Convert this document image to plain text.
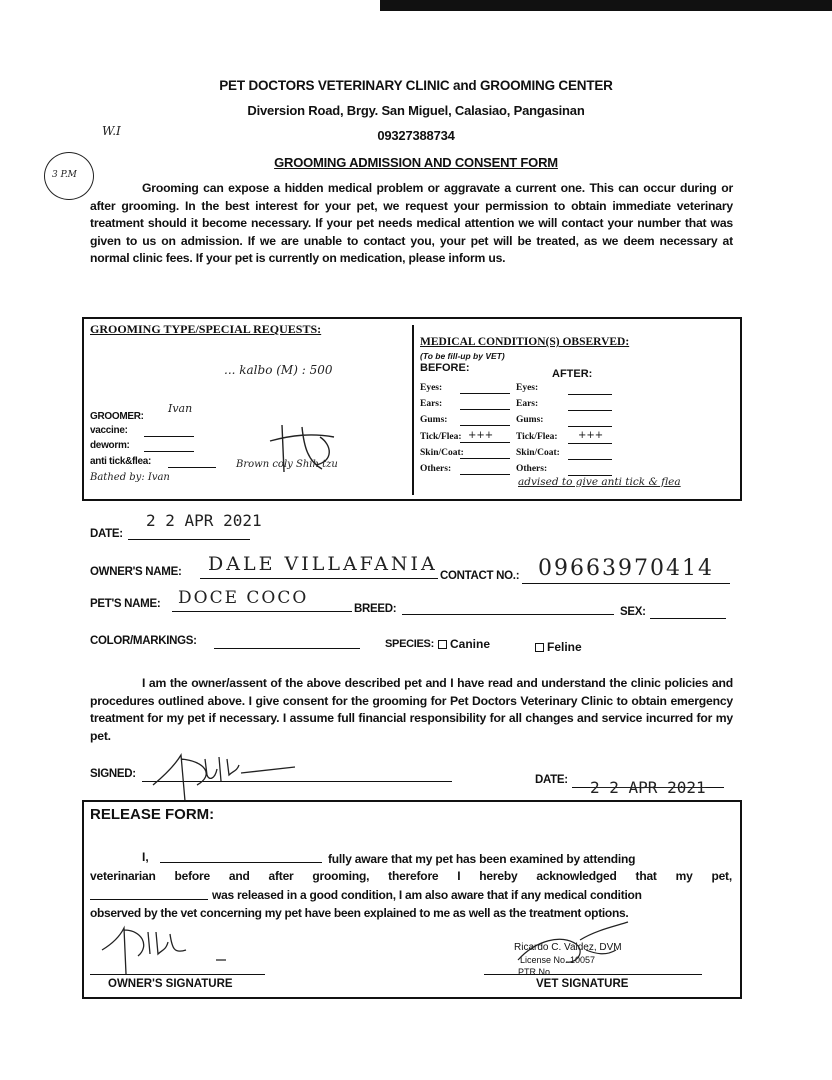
PET DOCTORS VETERINARY CLINIC and GROOMING CENTER
Diversion Road, Brgy. San Miguel, Calasiao, Pangasinan
09327388734
GROOMING ADMISSION AND CONSENT FORM
W.I
3 P.M
Grooming can expose a hidden medical problem or aggravate a current one. This can occur during or after grooming. In the best interest for your pet, we request your permission to obtain immediate veterinary treatment should it become necessary. If your pet needs medical attention we will contact your number that was given to us on admission. If we are unable to contact you, your pet will be treated, as we deem necessary at normal clinic fees. If your pet is currently on medication, please inform us.
GROOMING TYPE/SPECIAL REQUESTS:
... kalbo (M) : 500
GROOMER:
Ivan
vaccine:
deworm:
anti tick&flea:
Bathed by: Ivan
Brown coly Shih tzu
MEDICAL CONDITION(S) OBSERVED:
(To be fill-up by VET)
BEFORE:	AFTER:
Eyes:	Eyes:
Ears:	Ears:
Gums:	Gums:
Tick/Flea: +++ Tick/Flea: +++
Skin/Coat:	Skin/Coat:
Others:	Others:
advised to give anti tick & flea
DATE:
2 2 APR 2021
OWNER'S NAME: DALE VILLAFANIA
CONTACT NO.: 09663970414
PET'S NAME: DOCE COCO
BREED:	SEX:
COLOR/MARKINGS:	SPECIES:	Canine	Feline
I am the owner/assent of the above described pet and I have read and understand the clinic policies and procedures outlined above. I give consent for the grooming for Pet Doctors Veterinary Clinic to obtain emergency treatment for my pet if necessary. I assume full financial responsibility for all changes and service incurred for my pet.
SIGNED:	DATE: 2 2 APR 2021
RELEASE FORM:
I,	fully aware that my pet has been examined by attending
veterinarian before and after grooming, therefore I hereby acknowledged that my pet,
was released in a good condition, I am also aware that if any medical condition
observed by the vet concerning my pet have been explained to me as well as the treatment options.
OWNER'S SIGNATURE
Ricardo C. Valdez, DVM
License No. 10057
PTR No.
VET SIGNATURE
